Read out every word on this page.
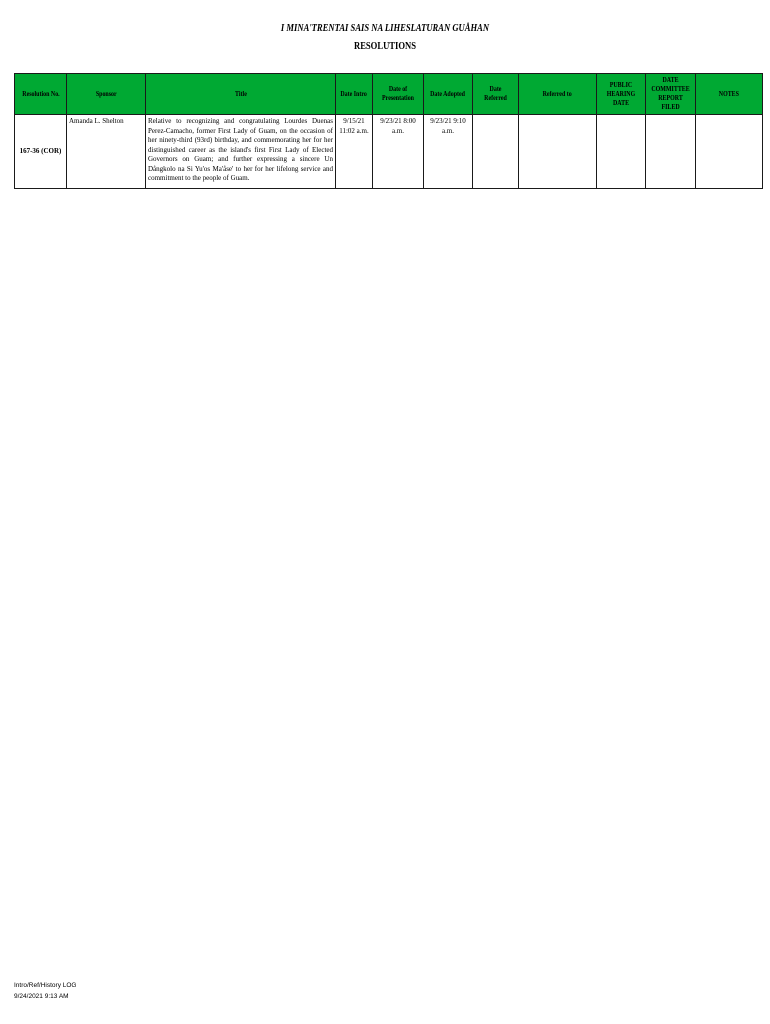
I MINA'TRENTAI SAIS NA LIHESLATURAN GUÅHAN
RESOLUTIONS
Resolution No.	Sponsor	Title	Date Intro	Date of Presentation	Date Adopted	Date Referred	Referred to	PUBLIC HEARING DATE	DATE COMMITTEE REPORT FILED	NOTES
167-36 (COR)	Amanda L. Shelton	Relative to recognizing and congratulating Lourdes Duenas Perez-Camacho, former First Lady of Guam, on the occasion of her ninety-third (93rd) birthday, and commemorating her for her distinguished career as the island's first First Lady of Elected Governors on Guam; and further expressing a sincere Un Dångkolo na Si Yu'os Ma'åse' to her for her lifelong service and commitment to the people of Guam.	9/15/21 11:02 a.m.	9/23/21 8:00 a.m.	9/23/21 9:10 a.m.					
Intro/Ref/History LOG
9/24/2021 9:13 AM
